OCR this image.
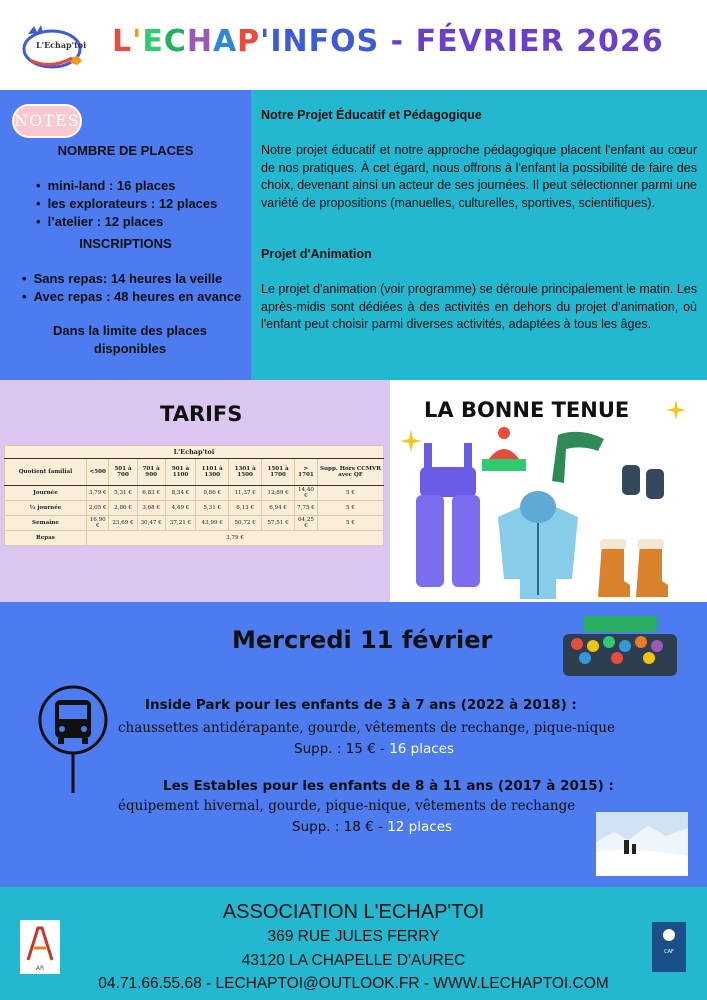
L'Echap'toi L'ECHAP'INFOS - FÉVRIER 2026
NOTES
NOMBRE DE PLACES
• mini-land : 16 places
• les explorateurs : 12 places
• l’atelier : 12 places
INSCRIPTIONS
• Sans repas: 14 heures la veille
• Avec repas : 48 heures en avance
Dans la limite des places disponibles
Notre Projet Éducatif et Pédagogique
Notre projet éducatif et notre approche pédagogique placent l'enfant au cœur de nos pratiques. À cet égard, nous offrons à l'enfant la possibilité de faire des choix, devenant ainsi un acteur de ses journées. Il peut sélectionner parmi une variété de propositions (manuelles, culturelles, sportives, scientifiques).
Projet d'Animation
Le projet d'animation (voir programme) se déroule principalement le matin. Les après-midis sont dédiées à des activités en dehors du projet d'animation, où l'enfant peut choisir parmi diverses activités, adaptées à tous les âges.
TARIFS
L'Echap'toi									
Quotient familial	<500	501 à 700	701 à 900	901 à 1100	1101 à 1300	1301 à 1500	1501 à 1700	> 1701	Supp. Hors CCMVR avec QF
Journée	3,79 €	5,31 €	6,83 €	8,34 €	9,86 €	11,37 €	12,89 €	14,40 €	5 €
½ journée	2,05 €	2,86 €	3,68 €	4,49 €	5,31 €	6,13 €	6,94 €	7,75 €	5 €
Semaine	16,90 €	23,69 €	30,47 €	37,21 €	43,99 €	50,72 €	57,51 €	64,25 €	5 €
Repas	3,79 €								
LA BONNE TENUE
Mercredi 11 février
Inside Park pour les enfants de 3 à 7 ans (2022 à 2018) :
chaussettes antidérapante, gourde, vêtements de rechange, pique-nique
Supp. : 15 € - 16 places
Les Estables pour les enfants de 8 à 11 ans (2017 à 2015) :
équipement hivernal, gourde, pique-nique, vêtements de rechange
Supp. : 18 € - 12 places
AR
ASSOCIATION L'ECHAP'TOI
369 RUE JULES FERRY
43120 LA CHAPELLE D'AUREC
04.71.66.55.68 - LECHAPTOI@OUTLOOK.FR - WWW.LECHAPTOI.COM
CAF
